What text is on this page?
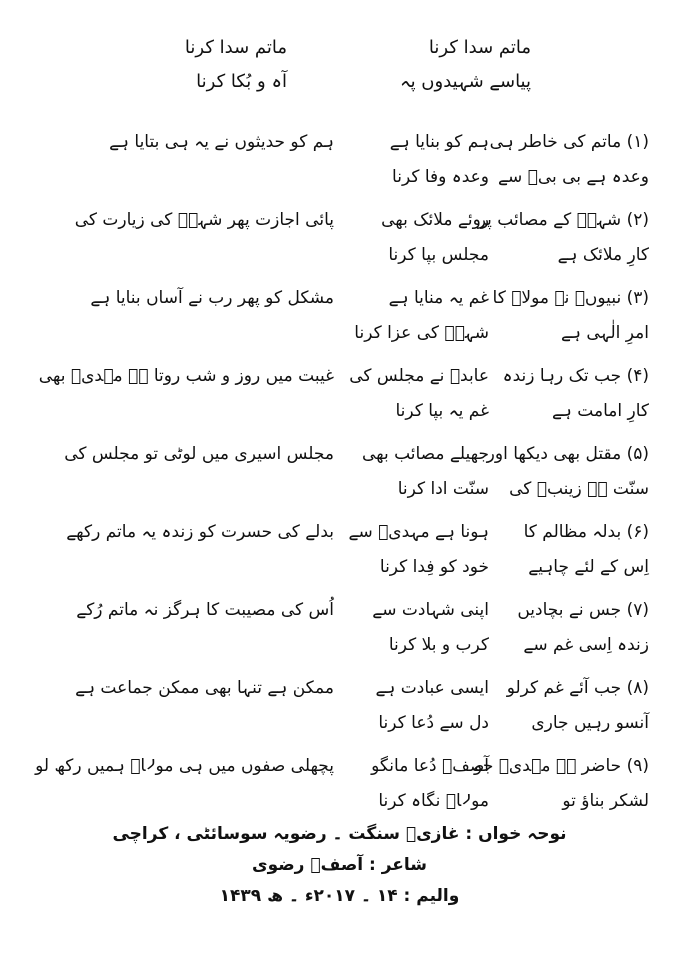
ماتم سدا کرنا
ماتم سدا کرنا
پیاسے شہیدوں پہ
آہ و بُکا کرنا
(۱) ماتم کی خاطر ہی
ہم کو بنایا ہے
ہم کو حدیثوں نے یہ ہی بتایا ہے
وعدہ ہے بی بیؑ سے
وعدہ وفا کرنا
(۲) شہہؑ کے مصائب پر
روئے ملائک بھی
پائی اجازت پھر شہہؑ کی زیارت کی
کارِ ملائک ہے
مجلس بپا کرنا
(۳) نبیوںؑ نے مولاؑ کا
غم یہ منایا ہے
مشکل کو پھر رب نے آساں بنایا ہے
امرِ الٰہی ہے
شہہؑ کی عزا کرنا
(۴) جب تک رہا زندہ
عابدؑ نے مجلس کی
غیبت میں روز و شب روتا ہے مہدیؑ بھی
کارِ امامت ہے
غم یہ بپا کرنا
(۵) مقتل بھی دیکھا اور
جھیلے مصائب بھی
مجلس اسیری میں لوٹی تو مجلس کی
سنّت ہے زینبؑ کی
سنّت ادا کرنا
(۶) بدلہ مظالم کا
ہونا ہے مہدیؑ سے
بدلے کی حسرت کو زندہ یہ ماتم رکھے
اِس کے لئے چاہیے
خود کو فِدا کرنا
(۷) جس نے بچادیں
اپنی شہادت سے
اُس کی مصیبت کا ہرگز نہ ماتم رُکے
زندہ اِسی غم سے
کرب و بلا کرنا
(۸) جب آئے غم کرلو
ایسی عبادت ہے
ممکن ہے تنہا بھی ممکن جماعت ہے
آنسو رہیں جاری
دل سے دُعا کرنا
(۹) حاضر ہے مہدیؑ جو
آصفؔ دُعا مانگو
پچھلی صفوں میں ہی مولاؑ ہمیں رکھ لو
لشکر بناؤ تو
مولاؑ نگاہ کرنا
نوحہ خواں : غازیؑ سنگت ۔ رضویہ سوسائٹی ، کراچی
شاعر : آصفؔ رضوی
والیم : ۱۴ ۔ ۲۰۱۷ء ۔ ھ ۱۴۳۹
